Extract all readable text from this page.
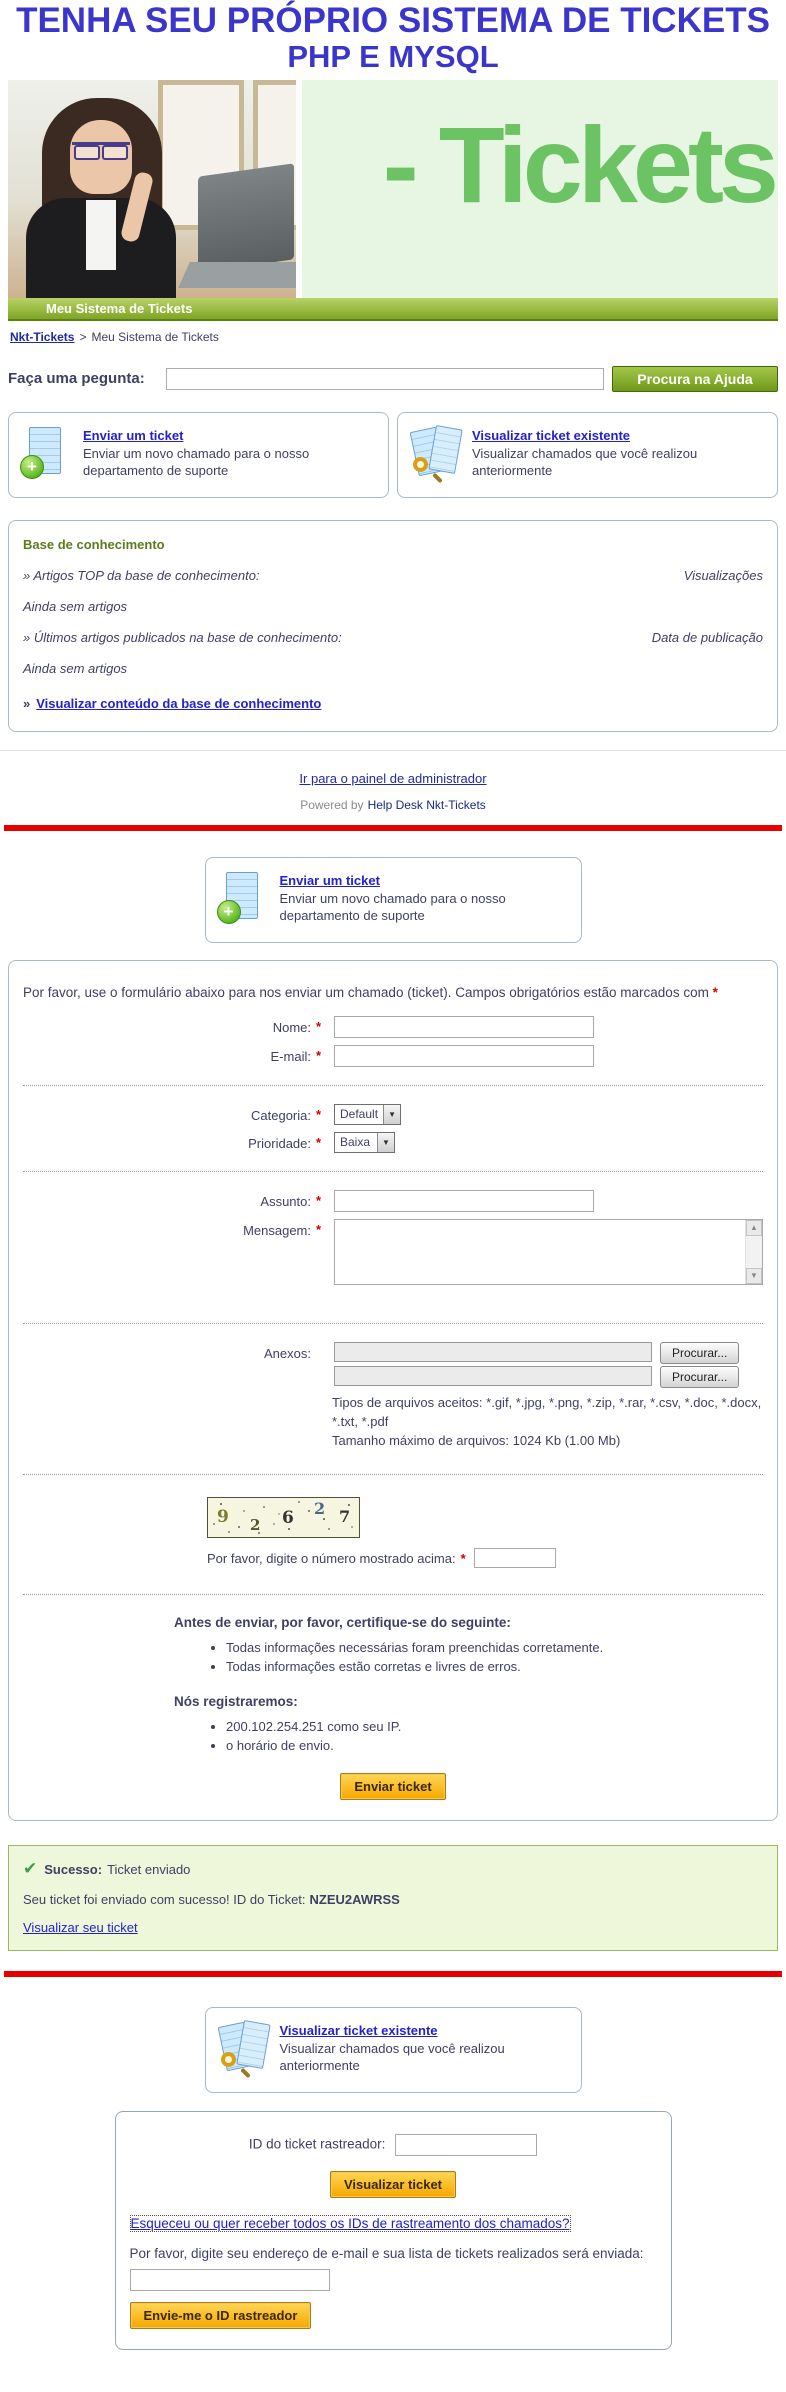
TENHA SEU PRÓPRIO SISTEMA DE TICKETS
PHP E MYSQL
- Tickets
Meu Sistema de Tickets
Nkt-Tickets > Meu Sistema de Tickets
Faça uma pegunta:	Procura na Ajuda
+
Enviar um ticket
Enviar um novo chamado para o nosso departamento de suporte
Visualizar ticket existente
Visualizar chamados que você realizou anteriormente
Base de conhecimento
» Artigos TOP da base de conhecimento:	Visualizações
Ainda sem artigos
» Últimos artigos publicados na base de conhecimento:	Data de publicação
Ainda sem artigos
» Visualizar conteúdo da base de conhecimento
Ir para o painel de administrador
Powered by Help Desk Nkt-Tickets
+
Enviar um ticket
Enviar um novo chamado para o nosso departamento de suporte
Por favor, use o formulário abaixo para nos enviar um chamado (ticket). Campos obrigatórios estão marcados com *
Nome: *
E-mail: *
Categoria: *	Default	▼
Prioridade: *	Baixa	▼
Assunto: *
Mensagem: *	▲
▼
Anexos:	Procurar...
Procurar...
Tipos de arquivos aceitos: *.gif, *.jpg, *.png, *.zip, *.rar, *.csv, *.doc, *.docx, *.txt, *.pdf
Tamanho máximo de arquivos: 1024 Kb (1.00 Mb)
9 2 6 2 7
Por favor, digite o número mostrado acima: *
Antes de enviar, por favor, certifique-se do seguinte:
• Todas informações necessárias foram preenchidas corretamente.
• Todas informações estão corretas e livres de erros.
Nós registraremos:
• 200.102.254.251 como seu IP.
• o horário de envio.
Enviar ticket
✔ Sucesso: Ticket enviado
Seu ticket foi enviado com sucesso! ID do Ticket: NZEU2AWRSS
Visualizar seu ticket
Visualizar ticket existente
Visualizar chamados que você realizou anteriormente
ID do ticket rastreador:
Visualizar ticket
Esqueceu ou quer receber todos os IDs de rastreamento dos chamados?
Por favor, digite seu endereço de e-mail e sua lista de tickets realizados será enviada:
Envie-me o ID rastreador
